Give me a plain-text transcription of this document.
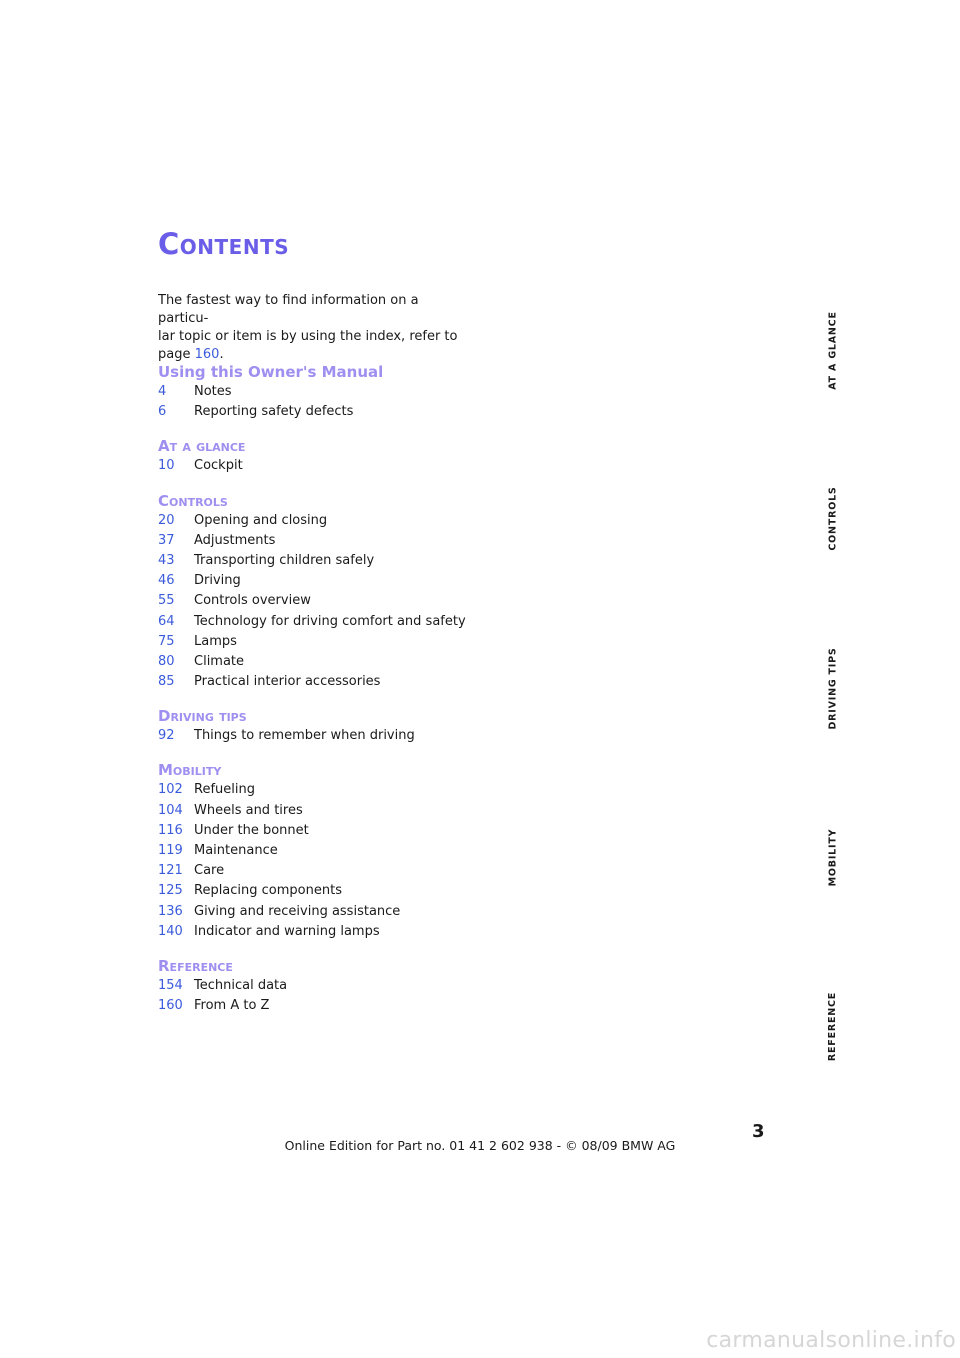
Contents

The fastest way to find information on a particu-
lar topic or item is by using the index, refer to
page 160.

Using this Owner's Manual
4	Notes
6	Reporting safety defects
At a glance
10	Cockpit
Controls
20	Opening and closing
37	Adjustments
43	Transporting children safely
46	Driving
55	Controls overview
64	Technology for driving comfort and safety
75	Lamps
80	Climate
85	Practical interior accessories
Driving tips
92	Things to remember when driving
Mobility
102 Refueling
104 Wheels and tires
116 Under the bonnet
119 Maintenance
121 Care
125 Replacing components
136 Giving and receiving assistance
140 Indicator and warning lamps
Reference
154 Technical data
160 From A to Z
AT A GLANCE
CONTROLS
DRIVING TIPS
MOBILITY
REFERENCE
3
Online Edition for Part no. 01 41 2 602 938 - © 08/09 BMW AG
carmanualsonline.info
